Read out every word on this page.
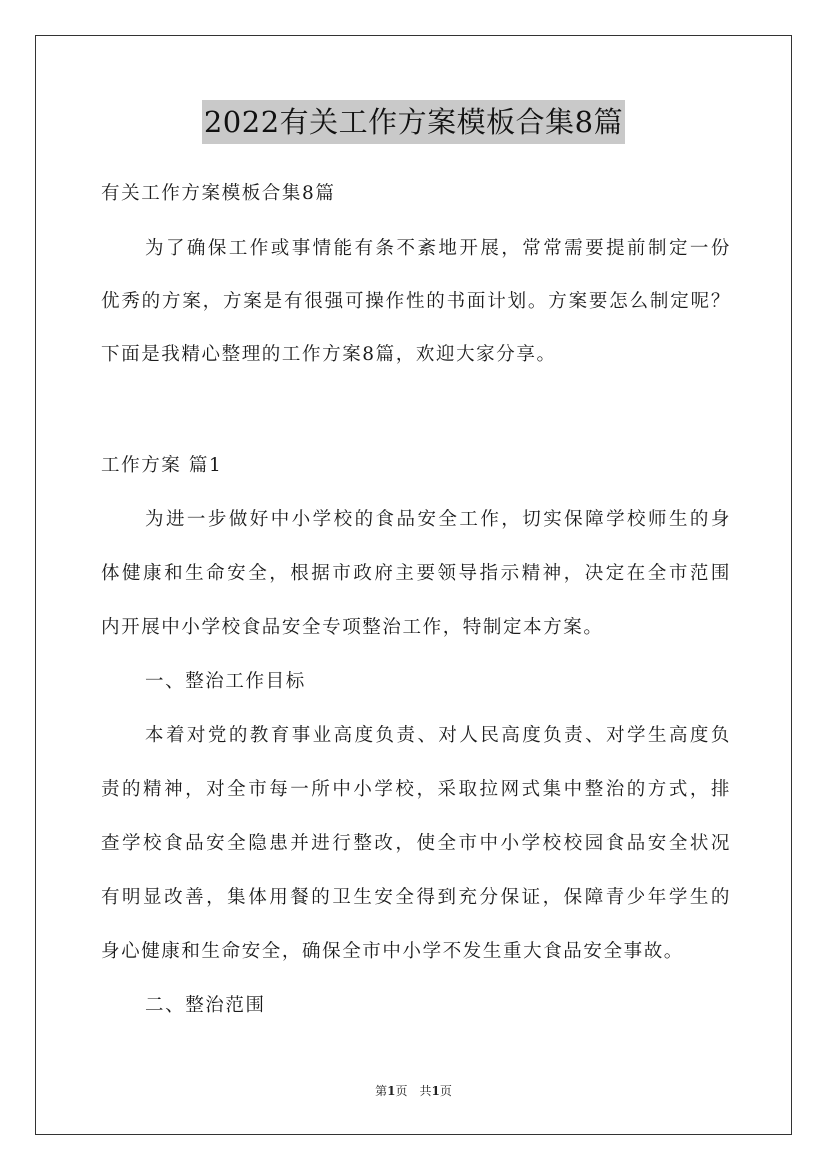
2022有关工作方案模板合集8篇
有关工作方案模板合集8篇
为了确保工作或事情能有条不紊地开展，常常需要提前制定一份
优秀的方案，方案是有很强可操作性的书面计划。方案要怎么制定呢？
下面是我精心整理的工作方案8篇，欢迎大家分享。
工作方案 篇1
为进一步做好中小学校的食品安全工作，切实保障学校师生的身
体健康和生命安全，根据市政府主要领导指示精神，决定在全市范围
内开展中小学校食品安全专项整治工作，特制定本方案。
一、整治工作目标
本着对党的教育事业高度负责、对人民高度负责、对学生高度负
责的精神，对全市每一所中小学校，采取拉网式集中整治的方式，排
查学校食品安全隐患并进行整改，使全市中小学校校园食品安全状况
有明显改善，集体用餐的卫生安全得到充分保证，保障青少年学生的
身心健康和生命安全，确保全市中小学不发生重大食品安全事故。
二、整治范围
第1页　共1页
